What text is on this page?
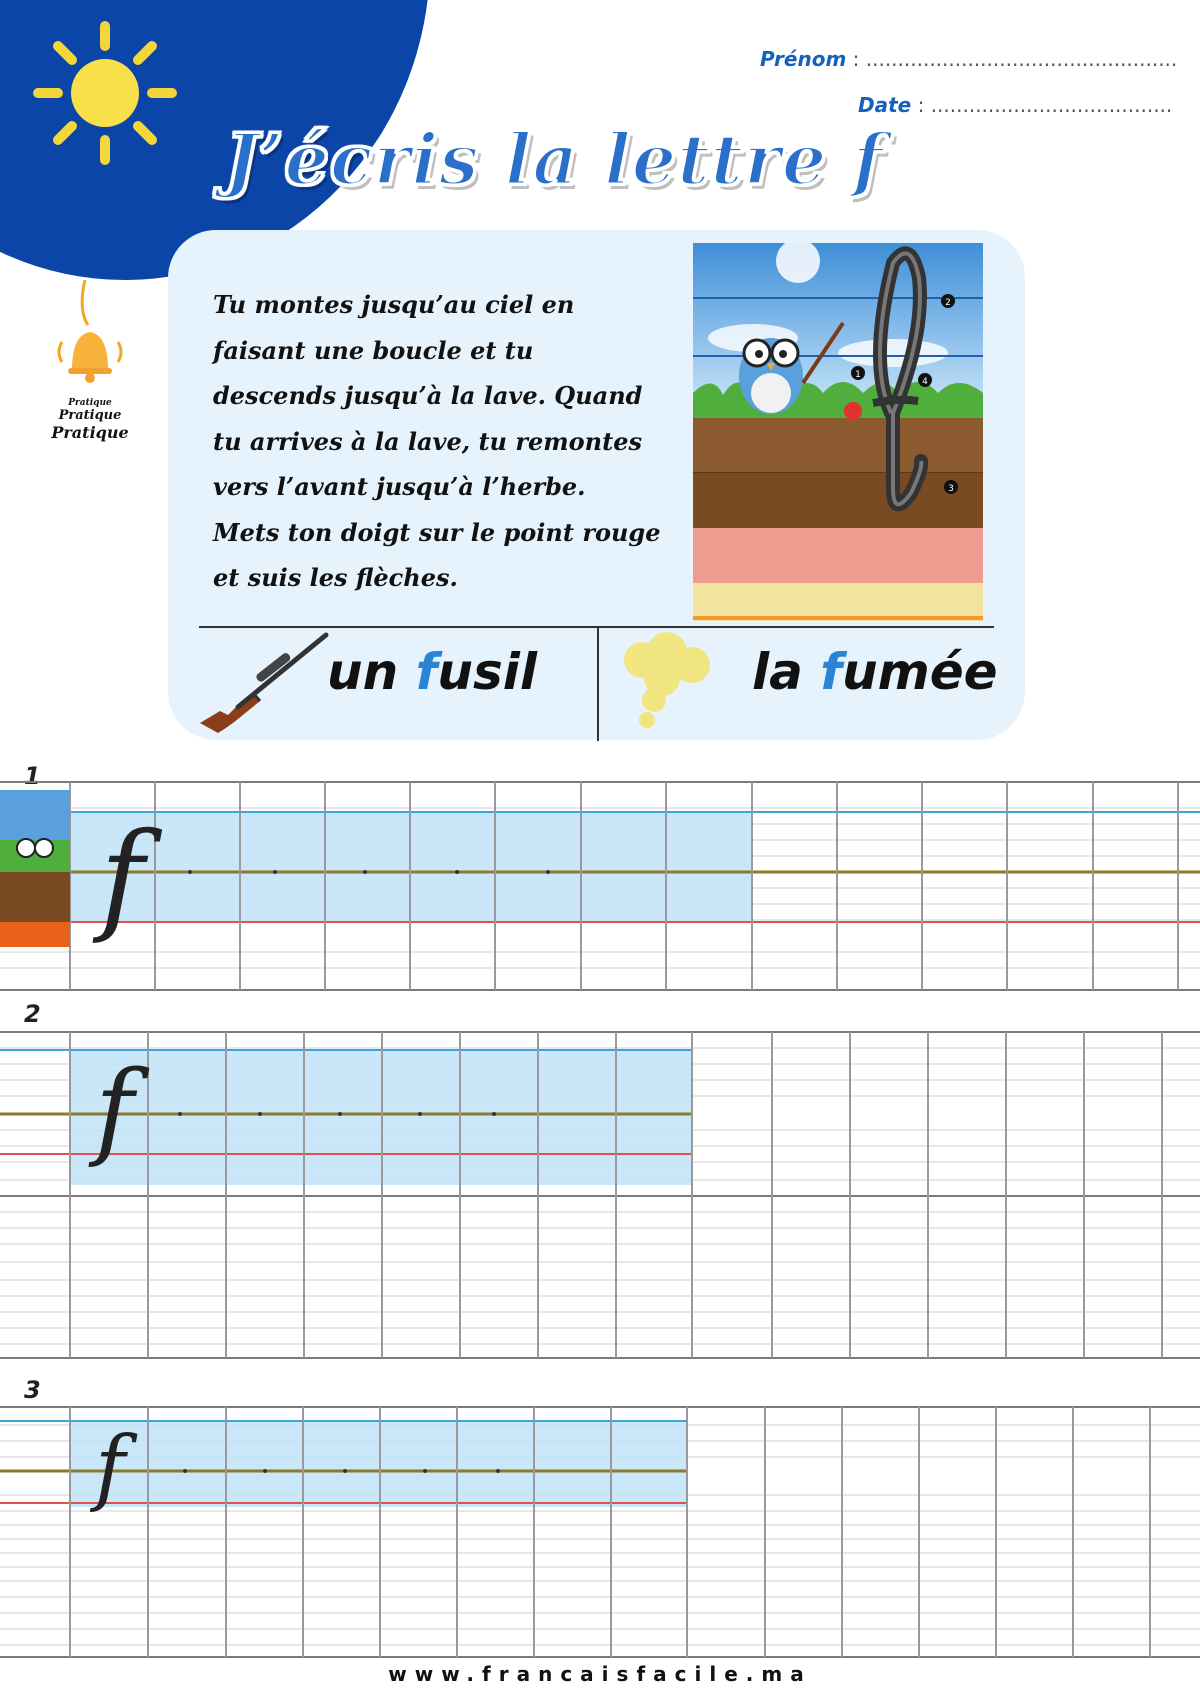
Prénom : .................................................
Date : ......................................
J’écris la lettre f
Pratique
Pratique
Pratique

Tu montes jusqu’au ciel en faisant une boucle et tu descends jusqu’à la lave. Quand tu arrives à la lave, tu remontes vers l’avant jusqu’à l’herbe.

Mets ton doigt sur le point rouge et suis les flèches.

1
2
3
4
un fusil	la fumée
1
f
2
f
3
f
www.francaisfacile.ma
